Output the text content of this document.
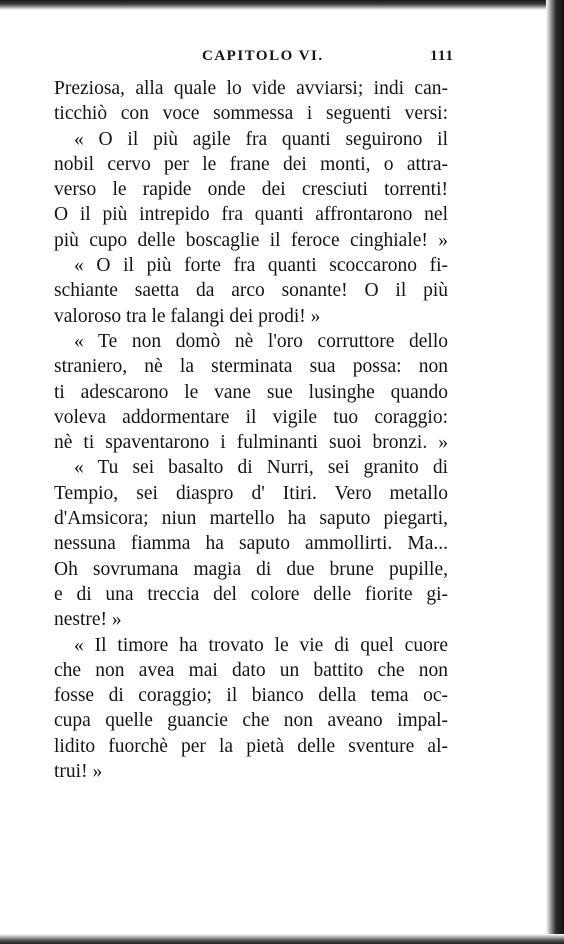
CAPITOLO VI.	111
Preziosa, alla quale lo vide avviarsi; indi can-
ticchiò con voce sommessa i seguenti versi:
« O il più agile fra quanti seguirono il
nobil cervo per le frane dei monti, o attra-
verso le rapide onde dei cresciuti torrenti!
O il più intrepido fra quanti affrontarono nel
più cupo delle boscaglie il feroce cinghiale! »
« O il più forte fra quanti scoccarono fi-
schiante saetta da arco sonante! O il più
valoroso tra le falangi dei prodi! »
« Te non domò nè l'oro corruttore dello
straniero, nè la sterminata sua possa: non
ti adescarono le vane sue lusinghe quando
voleva addormentare il vigile tuo coraggio:
nè ti spaventarono i fulminanti suoi bronzi. »
« Tu sei basalto di Nurri, sei granito di
Tempio, sei diaspro d' Itiri. Vero metallo
d'Amsicora; niun martello ha saputo piegarti,
nessuna fiamma ha saputo ammollirti. Ma...
Oh sovrumana magia di due brune pupille,
e di una treccia del colore delle fiorite gi-
nestre! »
« Il timore ha trovato le vie di quel cuore
che non avea mai dato un battito che non
fosse di coraggio; il bianco della tema oc-
cupa quelle guancie che non aveano impal-
lidito fuorchè per la pietà delle sventure al-
trui! »
